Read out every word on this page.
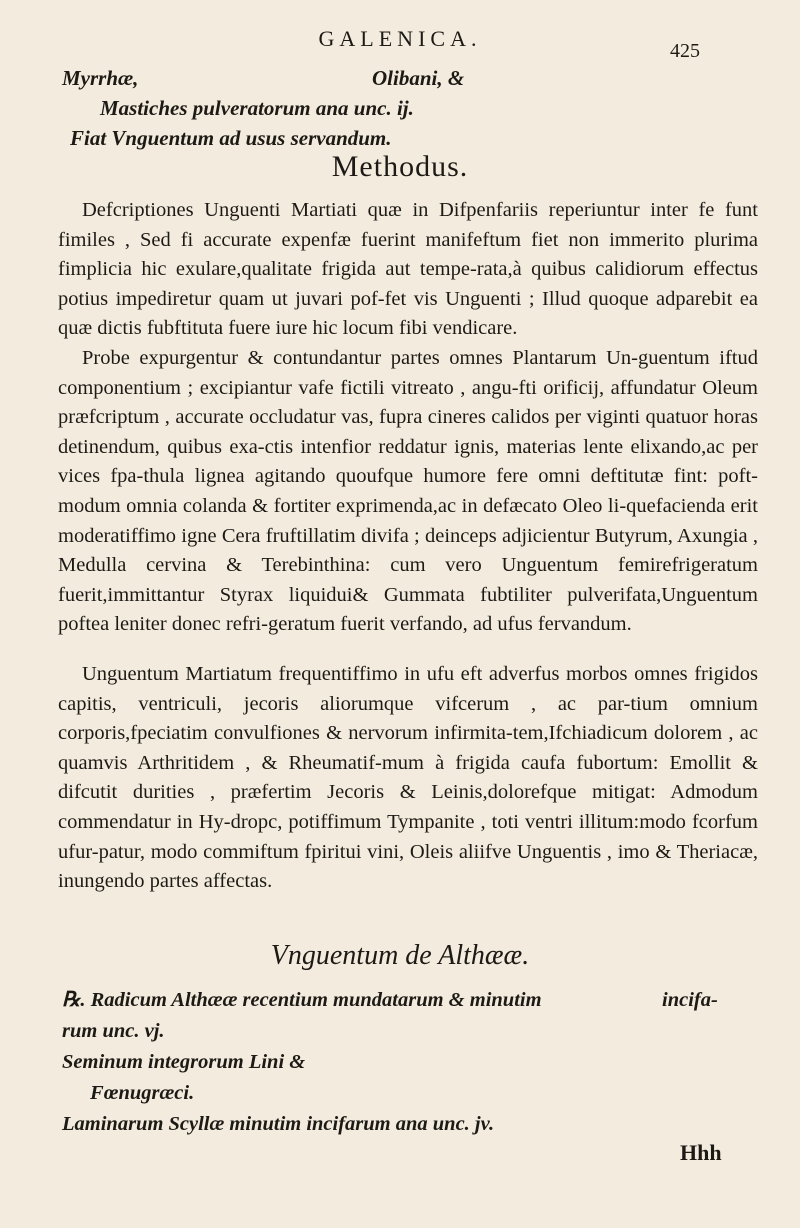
GALENICA.	425
Myrrhæ,	Olibani, &
Mastiches pulveratorum ana unc. ij.
Fiat Vnguentum ad usus servandum.
Methodus.

Defcriptiones Unguenti Martiati quæ in Difpenfariis reperiuntur inter fe funt fimiles , Sed fi accurate expenfæ fuerint manifeftum fiet non immerito plurima fimplicia hic exulare,qualitate frigida aut tempe-rata,à quibus calidiorum effectus potius impediretur quam ut juvari pof-fet vis Unguenti ; Illud quoque adparebit ea quæ dictis fubftituta fuere iure hic locum fibi vendicare.

Probe expurgentur & contundantur partes omnes Plantarum Un-guentum iftud componentium ; excipiantur vafe fictili vitreato , angu-fti orificij, affundatur Oleum præfcriptum , accurate occludatur vas, fupra cineres calidos per viginti quatuor horas detinendum, quibus exa-ctis intenfior reddatur ignis, materias lente elixando,ac per vices fpa-thula lignea agitando quoufque humore fere omni deftitutæ fint: poft-modum omnia colanda & fortiter exprimenda,ac in defæcato Oleo li-quefacienda erit moderatiffimo igne Cera fruftillatim divifa ; deinceps adjicientur Butyrum, Axungia , Medulla cervina & Terebinthina: cum vero Unguentum femirefrigeratum fuerit,immittantur Styrax liquidui& Gummata fubtiliter pulverifata,Unguentum poftea leniter donec refri-geratum fuerit verfando, ad ufus fervandum.

Unguentum Martiatum frequentiffimo in ufu eft adverfus morbos omnes frigidos capitis, ventriculi, jecoris aliorumque vifcerum , ac par-tium omnium corporis,fpeciatim convulfiones & nervorum infirmita-tem,Ifchiadicum dolorem , ac quamvis Arthritidem , & Rheumatif-mum à frigida caufa fubortum: Emollit & difcutit durities , præfertim Jecoris & Leinis,dolorefque mitigat: Admodum commendatur in Hy-dropc, potiffimum Tympanite , toti ventri illitum:modo fcorfum ufur-patur, modo commiftum fpiritui vini, Oleis aliifve Unguentis , imo & Theriacæ, inungendo partes affectas.

Vnguentum de Althææ.
℞. Radicum Althææ recentium mundatarum & minutim	incifa-
rum unc. vj.
Seminum integrorum Lini &
Fœnugræci.
Laminarum Scyllæ minutim incifarum ana unc. jv.
Hhh
